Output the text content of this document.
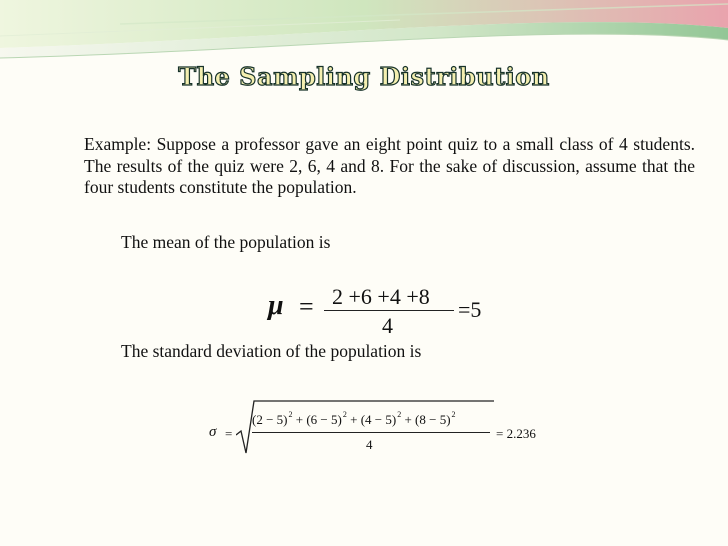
The Sampling Distribution
Example: Suppose a professor gave an eight point quiz to a small class of 4 students. The results of the quiz were 2, 6, 4 and 8. For the sake of discussion, assume that the four students constitute the population.
The mean of the population is
μ = 2 +6 +4 +8
4
=5
The standard deviation of the population is
σ =
$(2 - 5)^2 + (6 - 5)^2 + (4 - 5)^2 + (8 - 5)^2$
4
= 2.236
